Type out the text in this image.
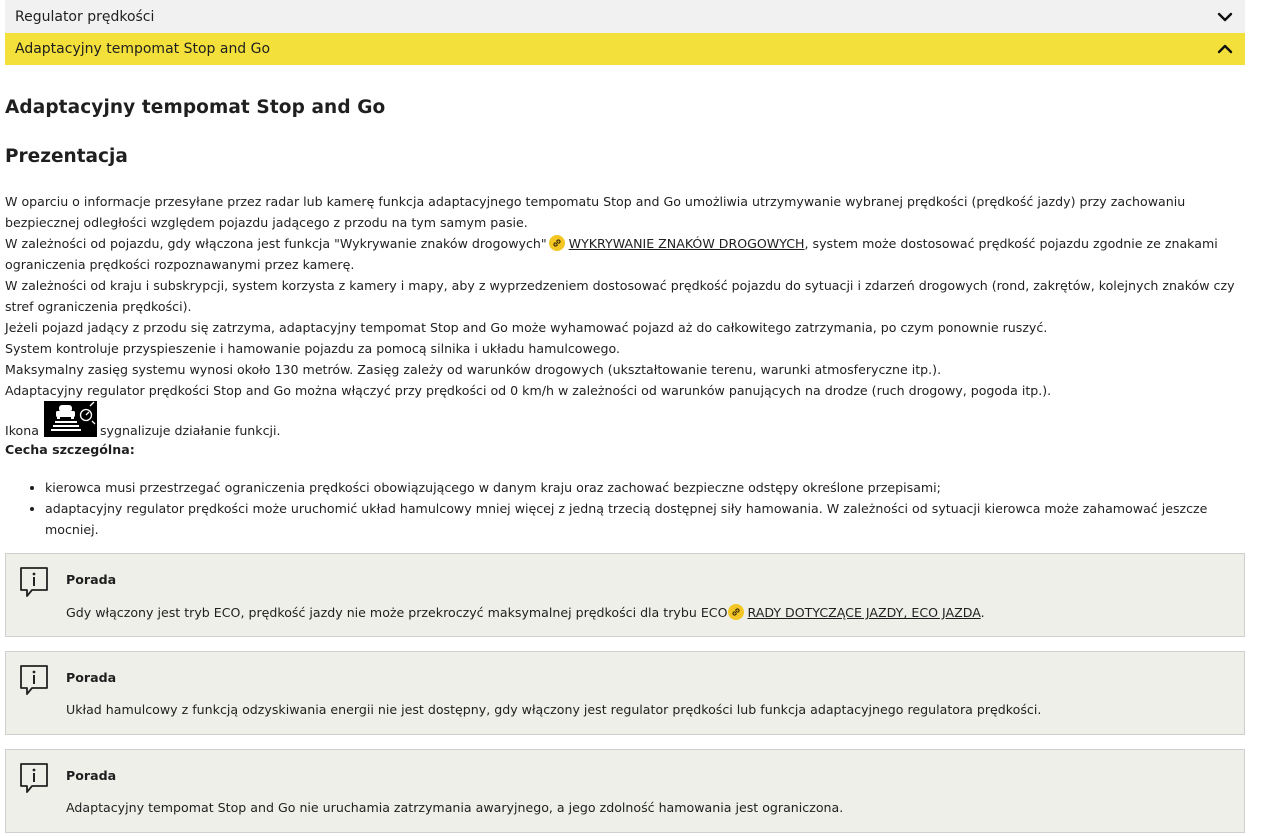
Regulator prędkości
Adaptacyjny tempomat Stop and Go
Adaptacyjny tempomat Stop and Go
Prezentacja

W oparciu o informacje przesyłane przez radar lub kamerę funkcja adaptacyjnego tempomatu Stop and Go umożliwia utrzymywanie wybranej prędkości (prędkość jazdy) przy zachowaniu bezpiecznej odległości względem pojazdu jadącego z przodu na tym samym pasie.

W zależności od pojazdu, gdy włączona jest funkcja "Wykrywanie znaków drogowych" WYKRYWANIE ZNAKÓW DROGOWYCH, system może dostosować prędkość pojazdu zgodnie ze znakami ograniczenia prędkości rozpoznawanymi przez kamerę.

W zależności od kraju i subskrypcji, system korzysta z kamery i mapy, aby z wyprzedzeniem dostosować prędkość pojazdu do sytuacji i zdarzeń drogowych (rond, zakrętów, kolejnych znaków czy stref ograniczenia prędkości).

Jeżeli pojazd jadący z przodu się zatrzyma, adaptacyjny tempomat Stop and Go może wyhamować pojazd aż do całkowitego zatrzymania, po czym ponownie ruszyć.

System kontroluje przyspieszenie i hamowanie pojazdu za pomocą silnika i układu hamulcowego.

Maksymalny zasięg systemu wynosi około 130 metrów. Zasięg zależy od warunków drogowych (ukształtowanie terenu, warunki atmosferyczne itp.).

Adaptacyjny regulator prędkości Stop and Go można włączyć przy prędkości od 0 km/h w zależności od warunków panujących na drodze (ruch drogowy, pogoda itp.).

Ikona	sygnalizuje działanie funkcji.
Cecha szczególna:
• kierowca musi przestrzegać ograniczenia prędkości obowiązującego w danym kraju oraz zachować bezpieczne odstępy określone przepisami;
• adaptacyjny regulator prędkości może uruchomić układ hamulcowy mniej więcej z jedną trzecią dostępnej siły hamowania. W zależności od sytuacji kierowca może zahamować jeszcze mocniej.
Porada
Gdy włączony jest tryb ECO, prędkość jazdy nie może przekroczyć maksymalnej prędkości dla trybu ECO RADY DOTYCZĄCE JAZDY, ECO JAZDA.
Porada
Układ hamulcowy z funkcją odzyskiwania energii nie jest dostępny, gdy włączony jest regulator prędkości lub funkcja adaptacyjnego regulatora prędkości.
Porada
Adaptacyjny tempomat Stop and Go nie uruchamia zatrzymania awaryjnego, a jego zdolność hamowania jest ograniczona.
